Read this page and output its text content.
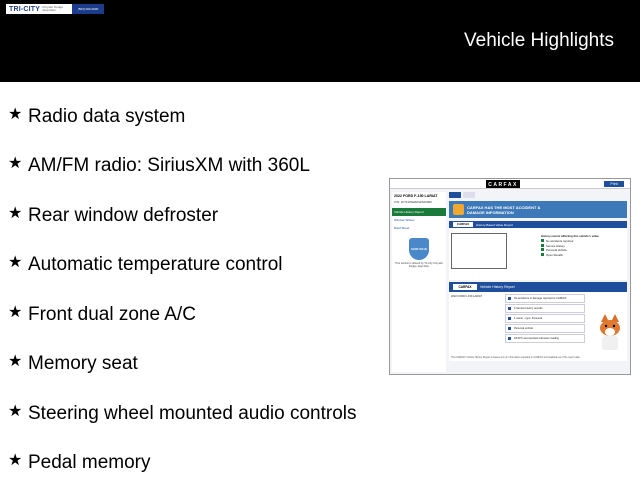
TRI-CITY Chrysler Dodge Jeep Ram	(503) 000-0000
Vehicle Highlights
★ Radio data system
★ AM/FM radio: SiriusXM with 360L
★ Rear window defroster
★ Automatic temperature control
★ Front dual zone A/C
★ Memory seat
★ Steering wheel mounted audio controls
★ Pedal memory
CARFAX	Print
2022 FORD F-150 LARIAT
VIN: 1FTFW1E82NFA00000
Vehicle History Report
Window Sticker
Build Sheet
GOOD VALUE
This vehicle is offered by Tri-City Chrysler Dodge Jeep Ram
CARFAX HAS THE MOST ACCIDENT & DAMAGE INFORMATION
CARFAX	History-Based Value Report
History events affecting this vehicle's value
No accidents reported
Service History
Personal Vehicle
Open Recalls
CARFAX	Vehicle History Report
2022 FORD F-150 LARIAT
No accidents or damage reported to CARFAX
4 Service history records
1 owner - type: Personal
Personal vehicle
18,697 Last reported odometer reading
This CARFAX Vehicle History Report is based only on information supplied to CARFAX and available as of the report date.
